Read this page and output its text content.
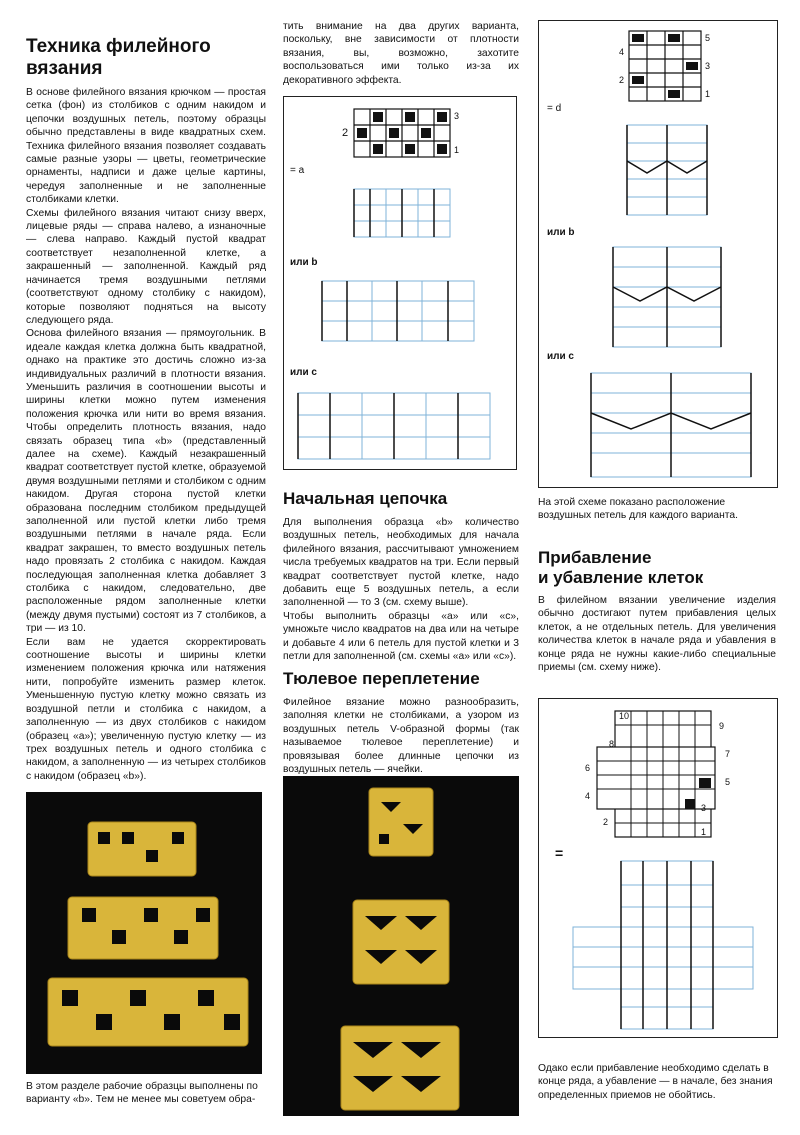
Техника филейного
вязания

В основе филейного вязания крючком — простая сетка (фон) из столбиков с одним накидом и цепочки воздушных петель, поэтому образцы обычно представлены в виде квадратных схем. Техника филейного вязания позволяет создавать самые разные узоры — цветы, геометрические орнаменты, надписи и даже целые картины, чередуя заполненные и не заполненные столбиками клетки.

Схемы филейного вязания читают снизу вверх, лицевые ряды — справа налево, а изнаночные — слева направо. Каждый пустой квадрат соответствует незаполненной клетке, а закрашенный — заполненной. Каждый ряд начинается тремя воздушными петлями (соответствуют одному столбику с накидом), которые позволяют подняться на высоту следующего ряда.

Основа филейного вязания — прямоугольник. В идеале каждая клетка должна быть квадратной, однако на практике это достичь сложно из-за индивидуальных различий в плотности вязания. Уменьшить различия в соотношении высоты и ширины клетки можно путем изменения положения крючка или нити во время вязания. Чтобы определить плотность вязания, надо связать образец типа «b» (представленный далее на схеме). Каждый незакрашенный квадрат соответствует пустой клетке, образуемой двумя воздушными петлями и столбиком с одним накидом. Другая сторона пустой клетки образована последним столбиком предыдущей заполненной или пустой клетки либо тремя воздушными петлями в начале ряда. Если квадрат закрашен, то вместо воздушных петель надо провязать 2 столбика с накидом. Каждая последующая заполненная клетка добавляет 3 столбика с накидом, следовательно, две расположенные рядом заполненные клетки (между двумя пустыми) состоят из 7 столбиков, а три — из 10.

Если вам не удается скорректировать соотношение высоты и ширины клетки изменением положения крючка или натяжения нити, попробуйте изменить размер клеток. Уменьшенную пустую клетку можно связать из воздушной петли и столбика с накидом, а заполненную — из двух столбиков с накидом (образец «а»); увеличенную пустую клетку — из трех воздушных петель и одного столбика с накидом, а заполненную — из четырех столбиков с накидом (образец «b»).

В этом разделе рабочие образцы выполнены по варианту «b». Тем не менее мы советуем обра-

тить внимание на два других варианта, поскольку, вне зависимости от плотности вязания, вы, возможно, захотите воспользоваться ими только из-за их декоративного эффекта.

= a
или b
или c
3
2
1
Начальная цепочка

Для выполнения образца «b» количество воздушных петель, необходимых для начала филейного вязания, рассчитывают умножением числа требуемых квадратов на три. Если первый квадрат соответствует пустой клетке, надо добавить еще 5 воздушных петель, а если заполненной — то 3 (см. схему выше).

Чтобы выполнить образцы «a» или «c», умножьте число квадратов на два или на четыре и добавьте 4 или 6 петель для пустой клетки и 3 петли для заполненной (см. схемы «a» или «c»).

Тюлевое переплетение

Филейное вязание можно разнообразить, заполняя клетки не столбиками, а узором из воздушных петель V-образной формы (так называемое тюлевое переплетение) и провязывая более длинные цепочки из воздушных петель — ячейки.

= d
или b
или c
5
4
3
2
1
На этой схеме показано расположение воздушных петель для каждого варианта.
Прибавление
и убавление клеток

В филейном вязании увеличение изделия обычно достигают путем прибавления целых клеток, а не отдельных петель. Для увеличения количества клеток в начале ряда и убавления в конце ряда не нужны какие-либо специальные приемы (см. схему ниже).

10
9
8
7
6
5
4
3
2
1
=
Одако если прибавление необходимо сделать в конце ряда, а убавление — в начале, без знания определенных приемов не обойтись.
